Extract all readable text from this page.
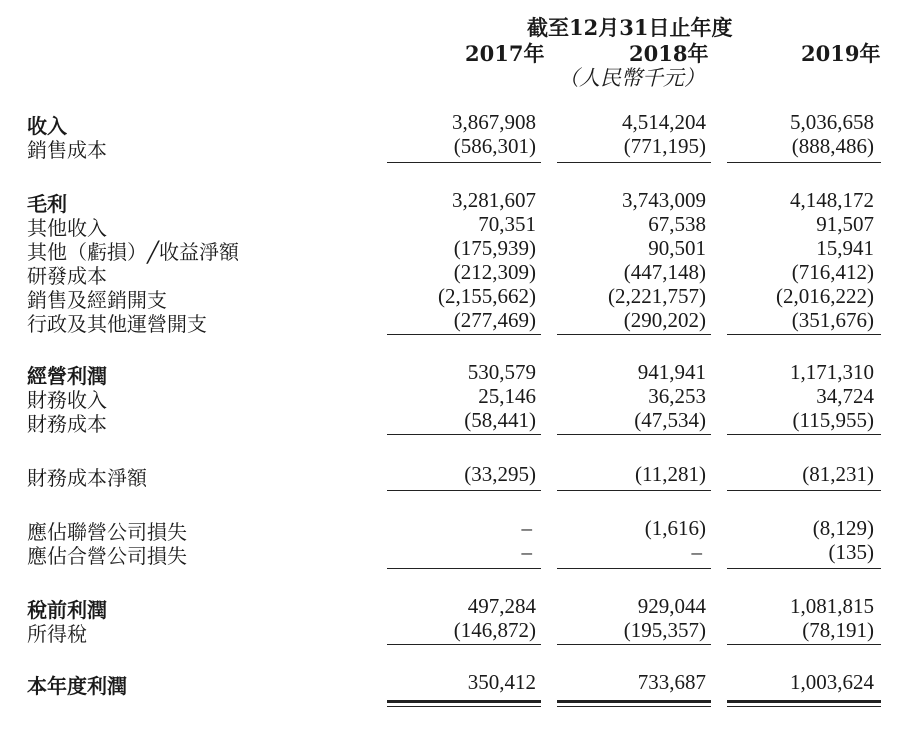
截至12月31日止年度
2017年	2018年	2019年
（人民幣千元）
收入	3,867,908	4,514,204	5,036,658
銷售成本	(586,301)	(771,195)	(888,486)
毛利	3,281,607	3,743,009	4,148,172
其他收入	70,351	67,538	91,507
其他（虧損）╱收益淨額	(175,939)	90,501	15,941
研發成本	(212,309)	(447,148)	(716,412)
銷售及經銷開支	(2,155,662)	(2,221,757)	(2,016,222)
行政及其他運營開支	(277,469)	(290,202)	(351,676)
經營利潤	530,579	941,941	1,171,310
財務收入	25,146	36,253	34,724
財務成本	(58,441)	(47,534)	(115,955)
財務成本淨額	(33,295)	(11,281)	(81,231)
應佔聯營公司損失	–	(1,616)	(8,129)
應佔合營公司損失	–	–	(135)
稅前利潤	497,284	929,044	1,081,815
所得稅	(146,872)	(195,357)	(78,191)
本年度利潤	350,412	733,687	1,003,624
